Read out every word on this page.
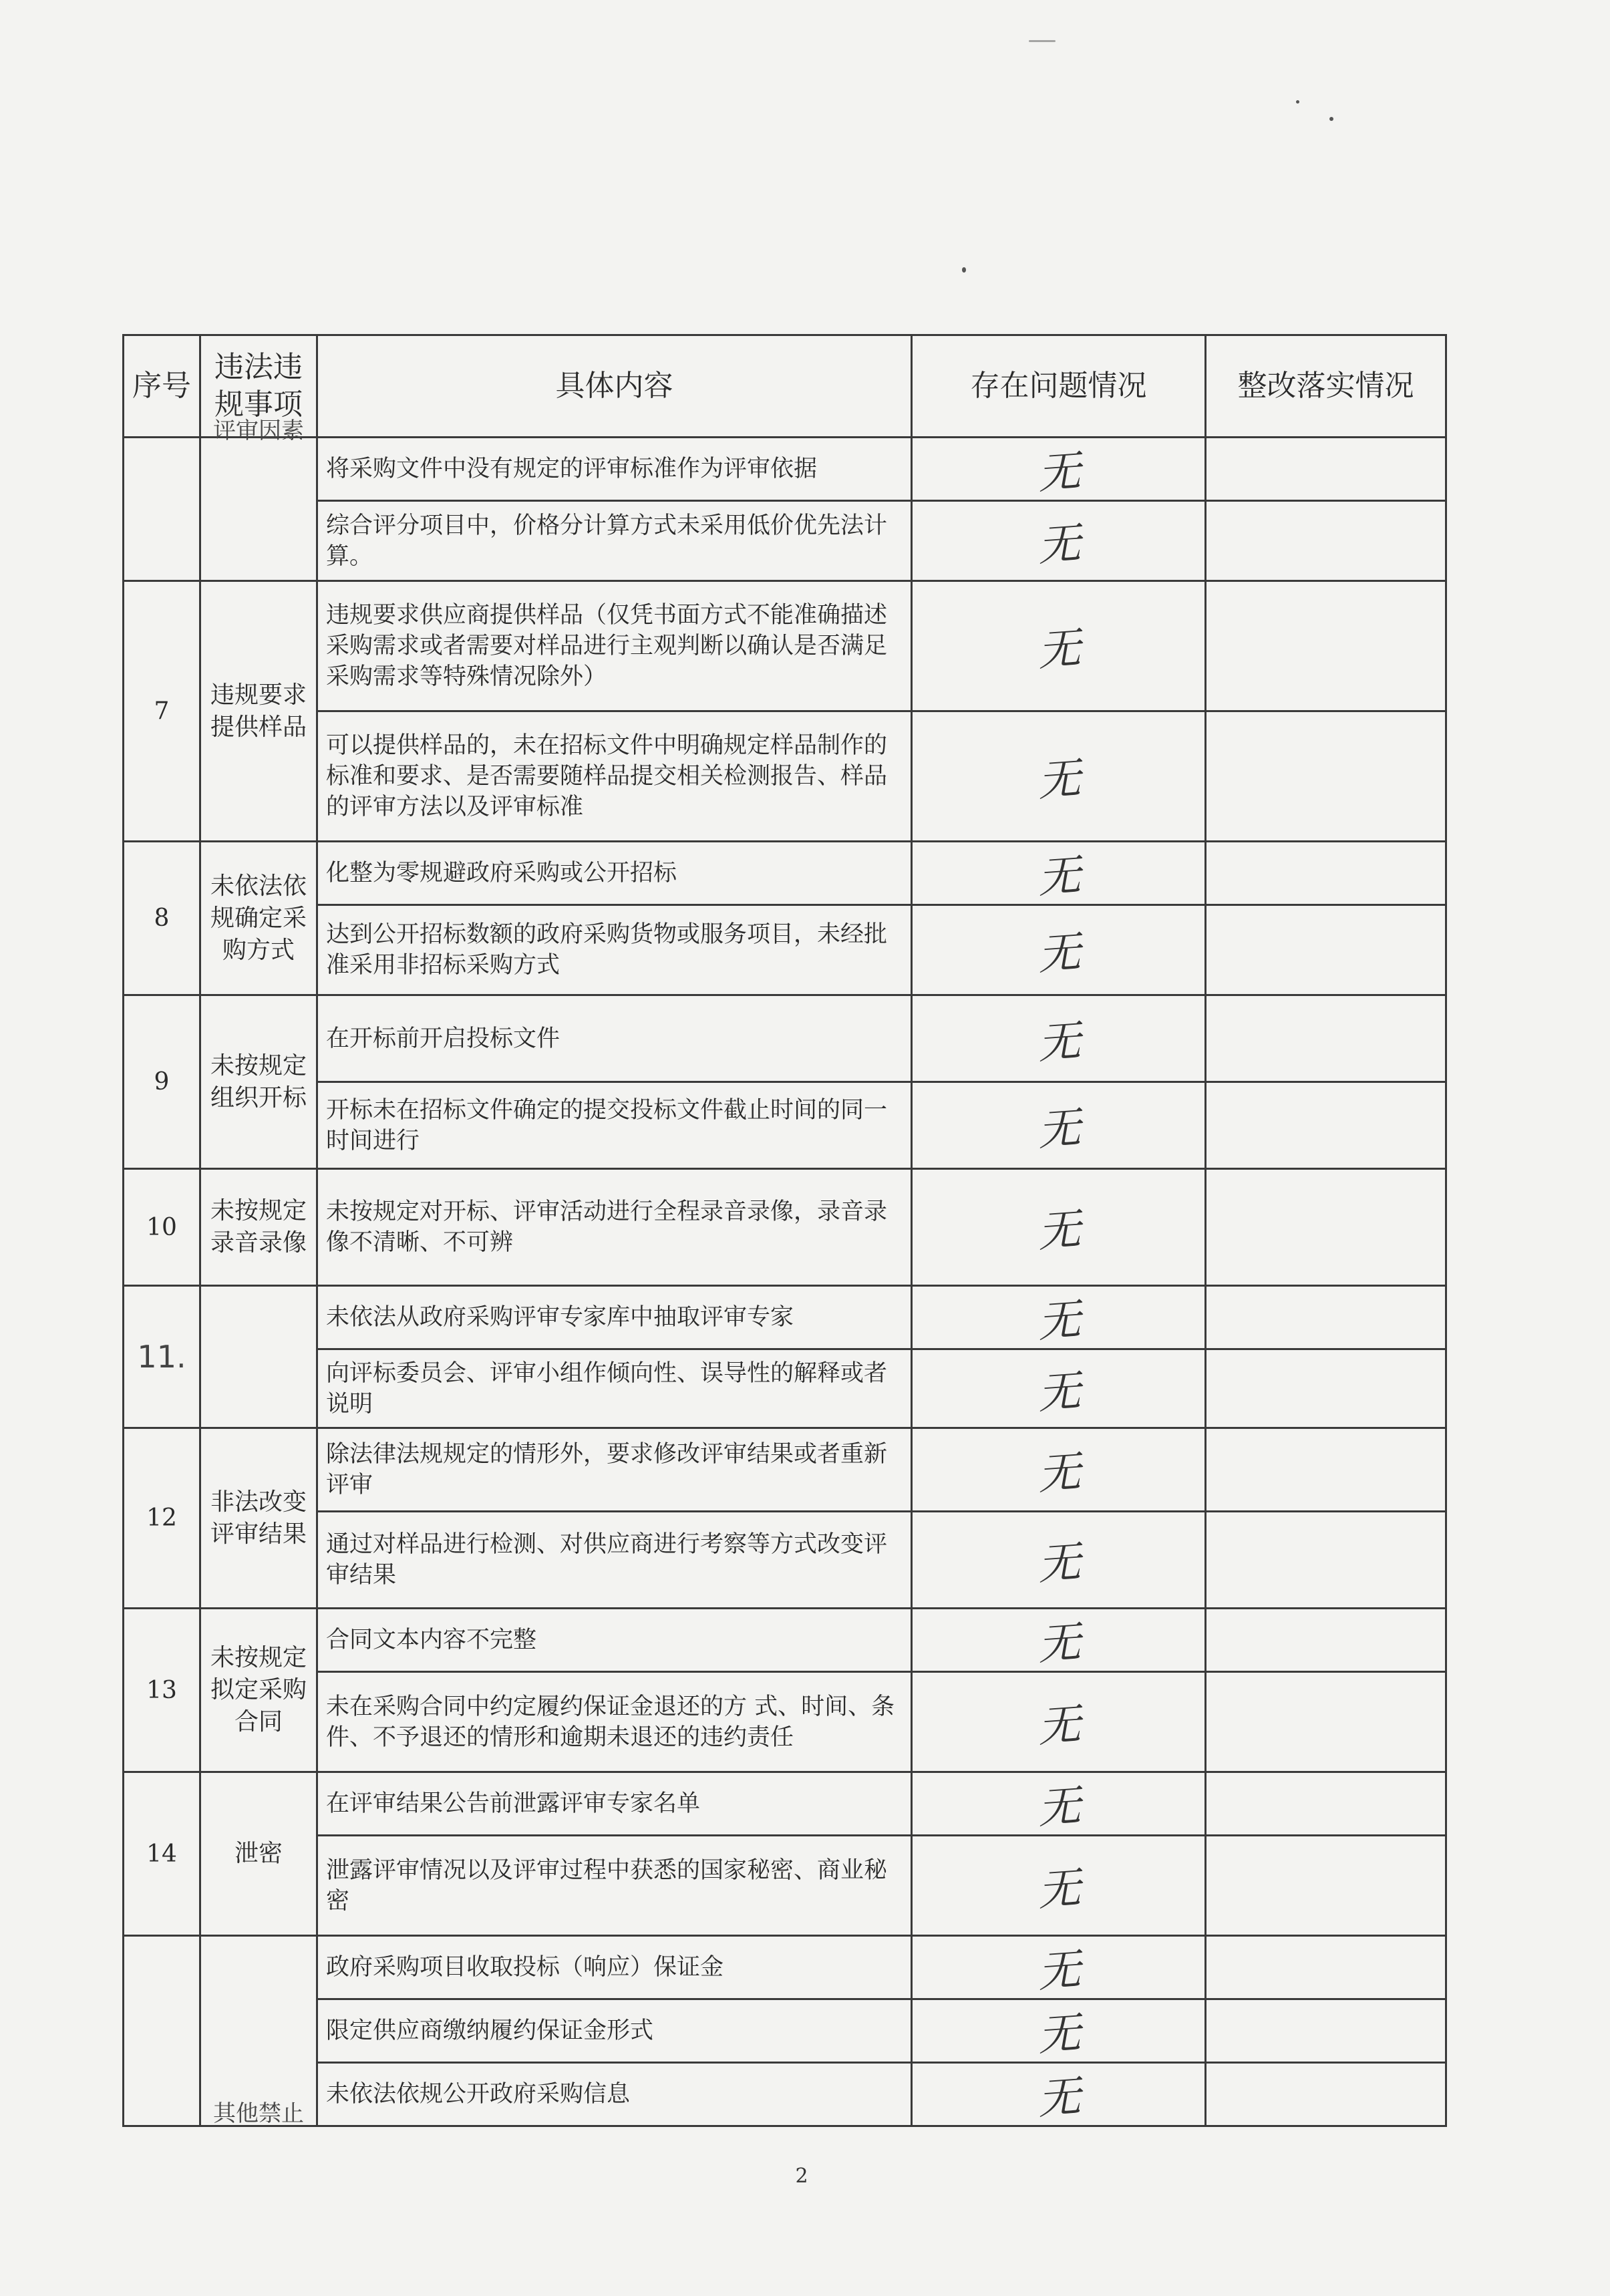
序号	违法违规事项	具体内容	存在问题情况	整改落实情况

	评审因素	将采购文件中没有规定的评审标准作为评审依据	无	
		综合评分项目中，价格分计算方式未采用低价优先法计算。	无	
7	违规要求提供样品	违规要求供应商提供样品（仅凭书面方式不能准确描述采购需求或者需要对样品进行主观判断以确认是否满足采购需求等特殊情况除外）	无	
		可以提供样品的，未在招标文件中明确规定样品制作的标准和要求、是否需要随样品提交相关检测报告、样品的评审方法以及评审标准	无	
8	未依法依规确定采购方式	化整为零规避政府采购或公开招标	无	
		达到公开招标数额的政府采购货物或服务项目，未经批准采用非招标采购方式	无	
9	未按规定组织开标	在开标前开启投标文件	无	
		开标未在招标文件确定的提交投标文件截止时间的同一时间进行	无	
10	未按规定录音录像	未按规定对开标、评审活动进行全程录音录像，录音录像不清晰、不可辨	无	
11.		未依法从政府采购评审专家库中抽取评审专家	无	
		向评标委员会、评审小组作倾向性、误导性的解释或者说明	无	
12	非法改变评审结果	除法律法规规定的情形外，要求修改评审结果或者重新评审	无	
		通过对样品进行检测、对供应商进行考察等方式改变评审结果	无	
13	未按规定拟定采购合同	合同文本内容不完整	无	
		未在采购合同中约定履约保证金退还的方 式、时间、条件、不予退还的情形和逾期未退还的违约责任	无	
14	泄密	在评审结果公告前泄露评审专家名单	无	
		泄露评审情况以及评审过程中获悉的国家秘密、商业秘密	无	

	其他禁止	政府采购项目收取投标（响应）保证金	无	
		限定供应商缴纳履约保证金形式	无	
		未依法依规公开政府采购信息	无	
2
